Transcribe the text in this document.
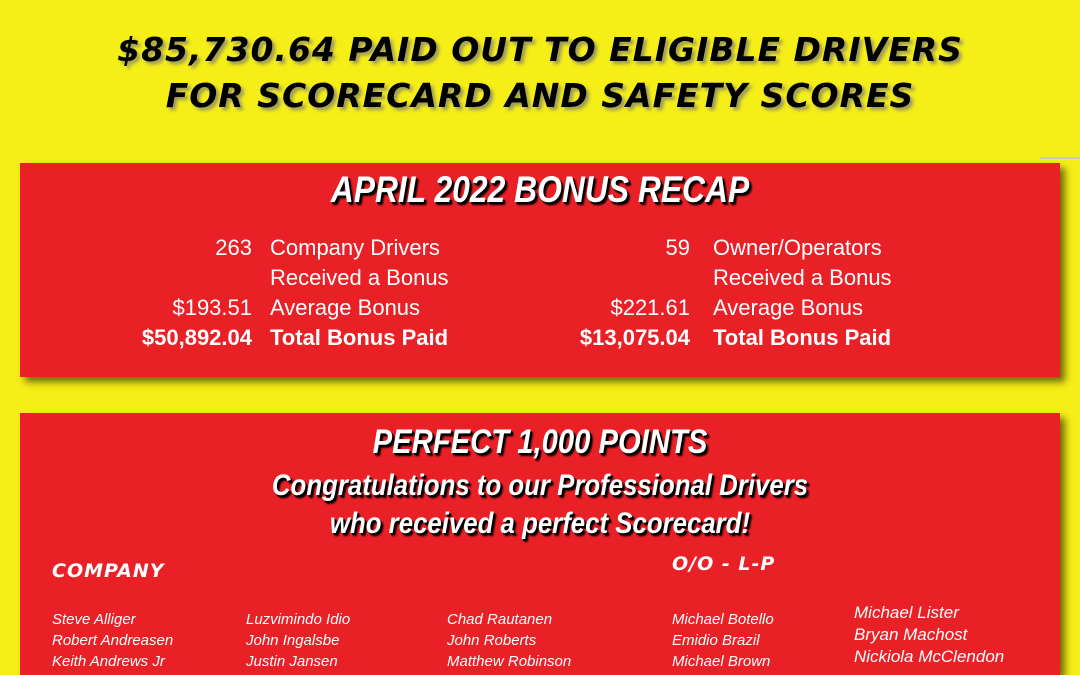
$85,730.64 PAID OUT TO ELIGIBLE DRIVERS
FOR SCORECARD AND SAFETY SCORES
APRIL 2022 BONUS RECAP
263 Company Drivers
Received a Bonus
$193.51 Average Bonus
$50,892.04 Total Bonus Paid
59 Owner/Operators
Received a Bonus
$221.61 Average Bonus
$13,075.04 Total Bonus Paid
PERFECT 1,000 POINTS
Congratulations to our Professional Drivers
who received a perfect Scorecard!
COMPANY	O/O - L-P
Steve Alliger
Robert Andreasen
Keith Andrews Jr
Luzvimindo Idio
John Ingalsbe
Justin Jansen
Chad Rautanen
John Roberts
Matthew Robinson
Michael Botello
Emidio Brazil
Michael Brown
Michael Lister
Bryan Machost
Nickiola McClendon
